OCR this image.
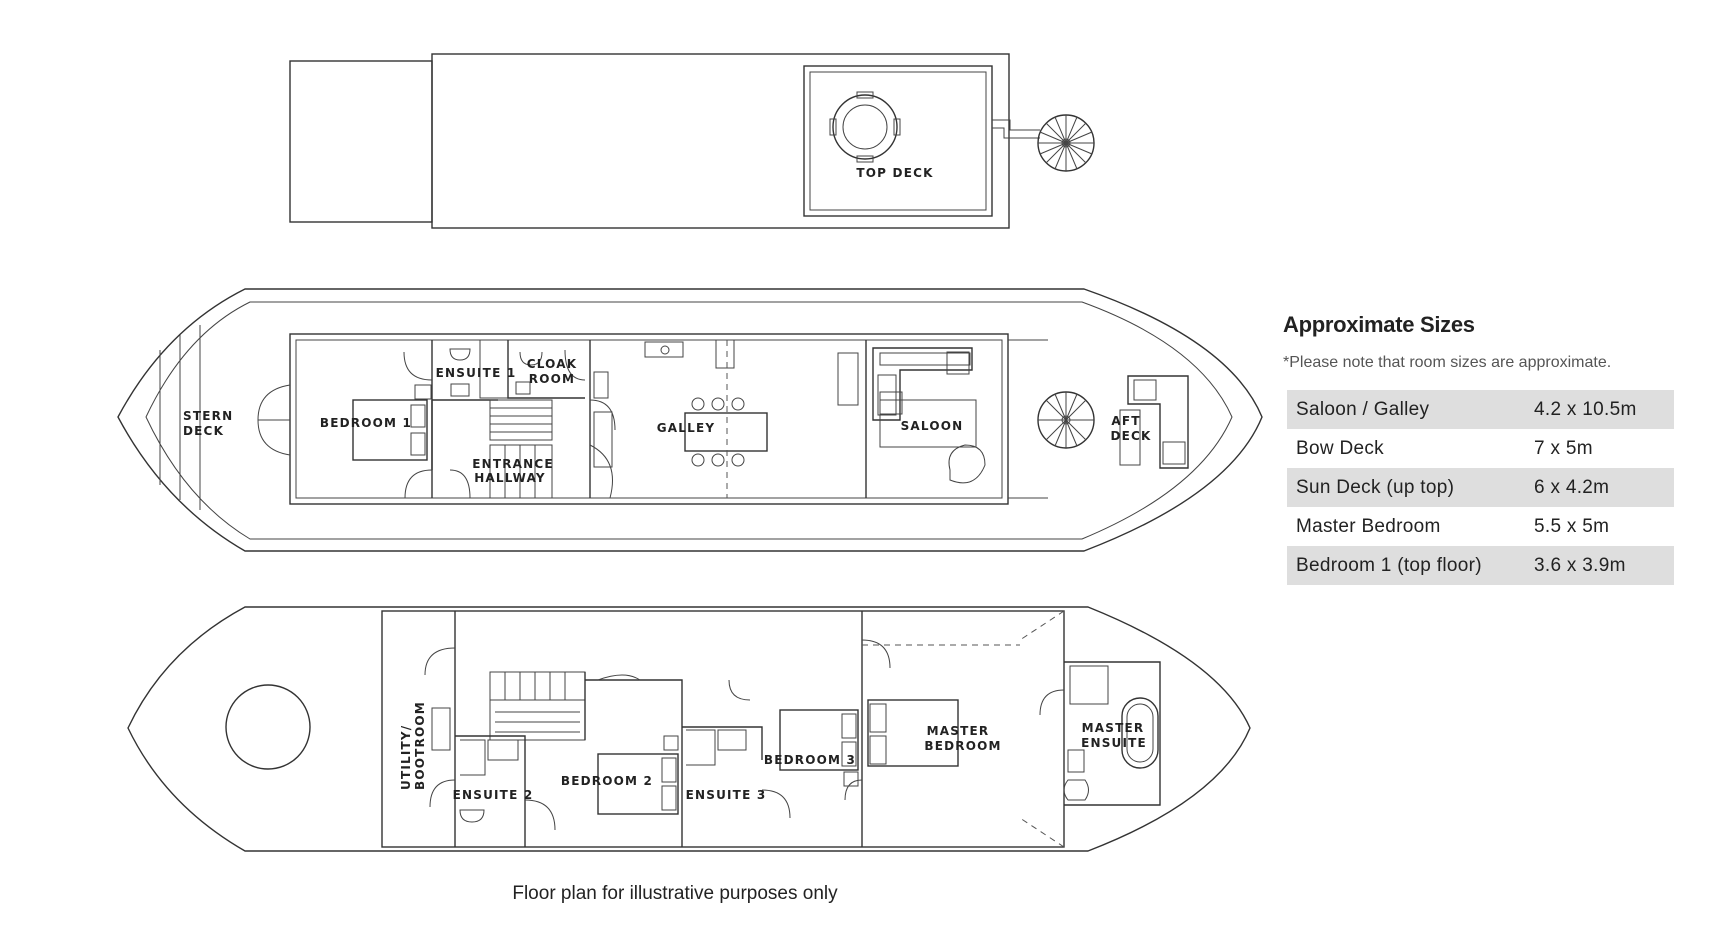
TOP DECK
STERN
DECK
BEDROOM 1
ENSUITE 1
CLOAK
ROOM
ENTRANCE
HALLWAY
GALLEY	SALOON	AFT
DECK
UTILITY/ BOOTROOM
ENSUITE 2
BEDROOM 2
ENSUITE 3
BEDROOM 3
MASTER
BEDROOM
MASTER
ENSUITE
Floor plan for illustrative purposes only
Approximate Sizes
*Please note that room sizes are approximate.
Saloon / Galley	4.2 x 10.5m
Bow Deck	7 x 5m
Sun Deck (up top)	6 x 4.2m
Master Bedroom	5.5 x 5m
Bedroom 1 (top floor)	3.6 x 3.9m
